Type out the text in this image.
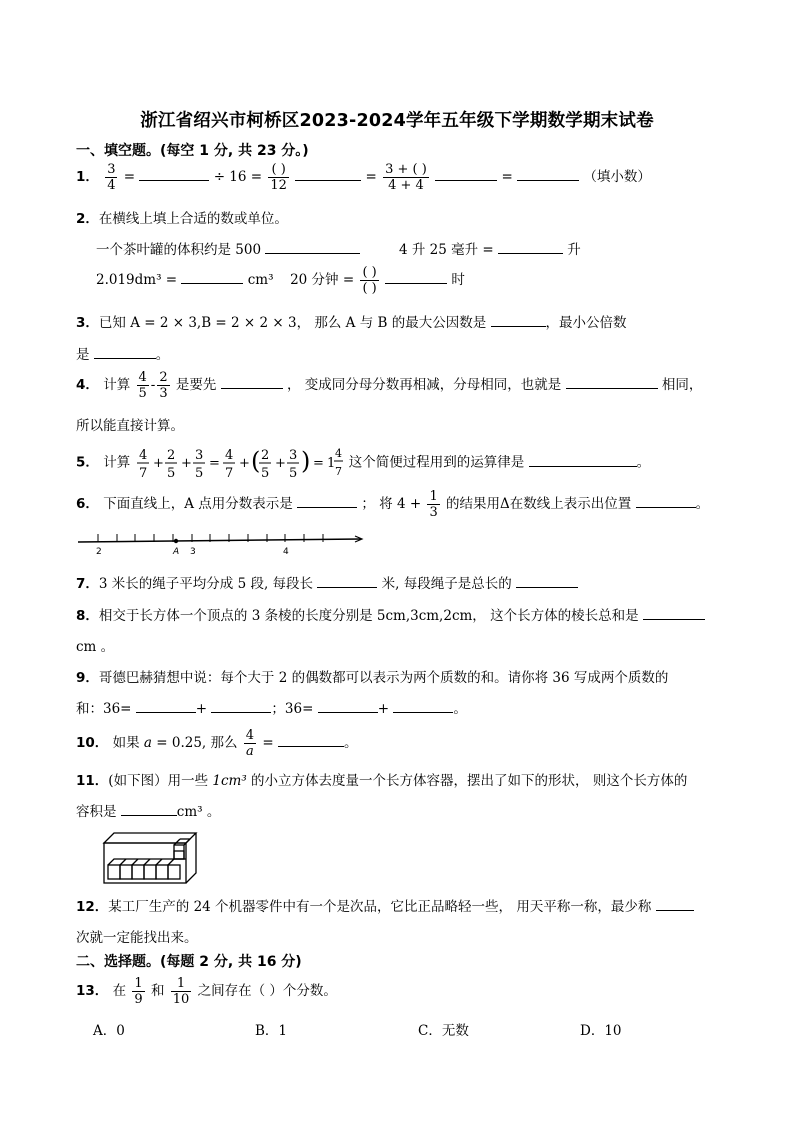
浙江省绍兴市柯桥区2023-2024学年五年级下学期数学期末试卷
一、填空题。(每空 1 分, 共 23 分。)
1． $\frac{3}{4}$ =	÷ $16 = \frac{( )}{12}$	= $\frac{3 + ( )}{4 + 4}$	=	（填小数）
2．在横线上填上合适的数或单位。
一个茶叶罐的体积约是 500	4 升 25 毫升 =	升
2.019dm³ =	cm³ 20 分钟 = $\frac{( )}{( )}$	时
3．已知 A = 2 × 3,B = 2 × 2 × 3， 那么 A 与 B 的最大公因数是	，最小公倍数
是	。
4． 计算 $\frac{4}{5} - \frac{2}{3}$ 是要先	， 变成同分母分数再相减，分母相同，也就是	相同，
所以能直接计算。
5． 计算 4
7
+
2
5
+
3
5
=
4
7
+ ( 2
5
+
3
5 ) = 1
4
7
这个简便过程用到的运算律是	。
6． 下面直线上，A 点用分数表示是	； 将 $4 + \frac{1}{3}$ 的结果用Δ在数线上表示出位置	。
2	A 3	4
7．3 米长的绳子平均分成 5 段, 每段长	米, 每段绳子是总长的
8．相交于长方体一个顶点的 3 条棱的长度分别是 5cm,3cm,2cm， 这个长方体的棱长总和是
cm 。
9．哥德巴赫猜想中说：每个大于 2 的偶数都可以表示为两个质数的和。请你将 36 写成两个质数的
和：36=	+	；36=	+	。
10． 如果 a = 0.25, 那么 $\frac{4}{a}$ =	。
11．(如下图）用一些 1cm³ 的小立方体去度量一个长方体容器，摆出了如下的形状， 则这个长方体的
容积是	cm³ 。
12．某工厂生产的 24 个机器零件中有一个是次品，它比正品略轻一些， 用天平称一称，最少称
次就一定能找出来。
二、选择题。(每题 2 分, 共 16 分)
13． 在 $\frac{1}{9}$ 和 $\frac{1}{10}$ 之间存在（ ）个分数。
A．0	B．1	C．无数	D．10
